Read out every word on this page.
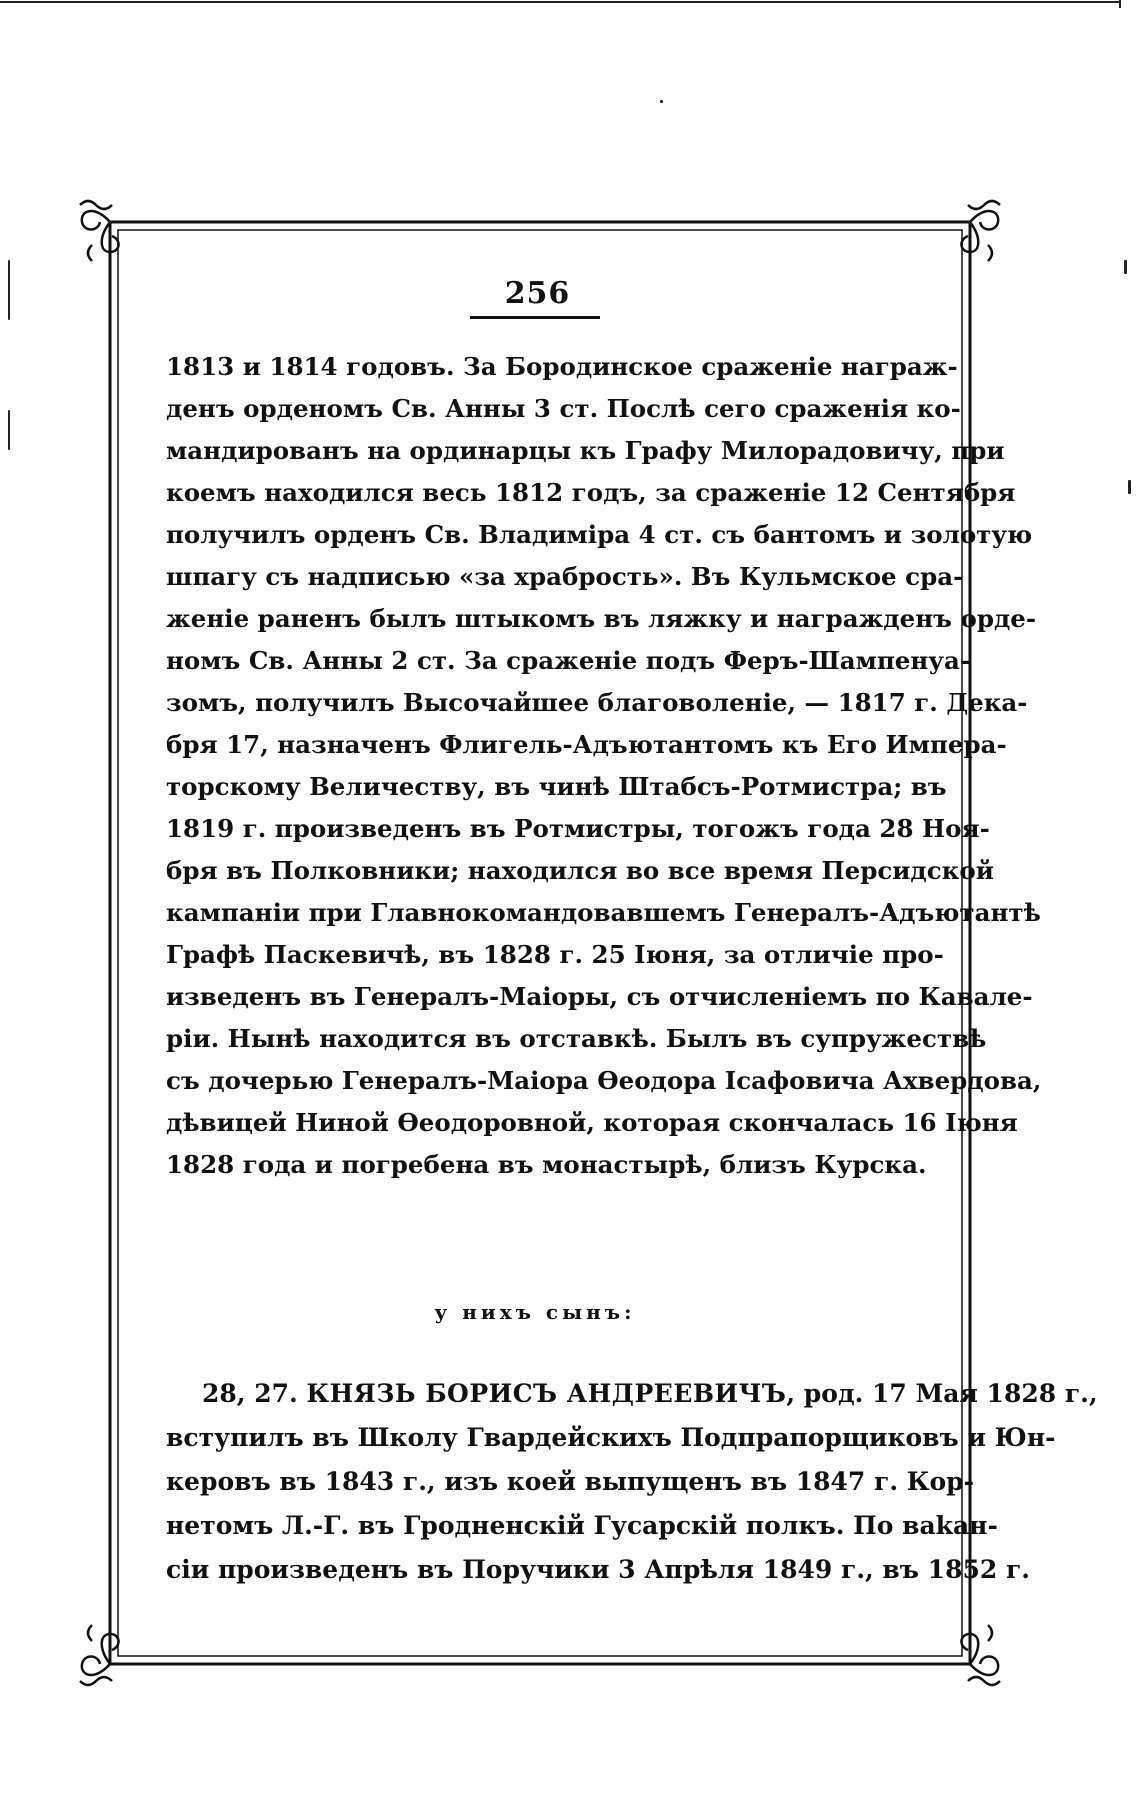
256
1813 и 1814 годовъ. За Бородинское сраженіе награж-
денъ орденомъ Св. Анны 3 ст. Послѣ сего сраженія ко-
мандированъ на ординарцы къ Графу Милорадовичу, при
коемъ находился весь 1812 годъ, за сраженіе 12 Сентября
получилъ орденъ Св. Владиміра 4 ст. съ бантомъ и золотую
шпагу съ надписью «за храбрость». Въ Кульмское сра-
женіе раненъ былъ штыкомъ въ ляжку и награжденъ орде-
номъ Св. Анны 2 ст. За сраженіе подъ Феръ-Шампенуа-
зомъ, получилъ Высочайшее благоволеніе, — 1817 г. Дека-
бря 17, назначенъ Флигель-Адъютантомъ къ Его Импера-
торскому Величеству, въ чинѣ Штабсъ-Ротмистра; въ
1819 г. произведенъ въ Ротмистры, тогожъ года 28 Ноя-
бря въ Полковники; находился во все время Персидской
кампаніи при Главнокомандовавшемъ Генералъ-Адъютантѣ
Графѣ Паскевичѣ, въ 1828 г. 25 Іюня, за отличіе про-
изведенъ въ Генералъ-Маіоры, съ отчисленіемъ по Кавале-
ріи. Нынѣ находится въ отставкѣ. Былъ въ супружествѣ
съ дочерью Генералъ-Маіора Ѳеодора Ісафовича Ахвердова,
дѣвицей Ниной Ѳеодоровной, которая скончалась 16 Іюня
1828 года и погребена въ монастырѣ, близъ Курска.
у нихъ сынъ:
28, 27. КНЯЗЬ БОРИСЪ АНДРЕЕВИЧЪ, род. 17 Мая 1828 г.,
вступилъ въ Школу Гвардейскихъ Подпрапорщиковъ и Юн-
керовъ въ 1843 г., изъ коей выпущенъ въ 1847 г. Кор-
нетомъ Л.-Г. въ Гродненскій Гусарскій полкъ. По ваkан-
сіи произведенъ въ Поручики 3 Апрѣля 1849 г., въ 1852 г.
